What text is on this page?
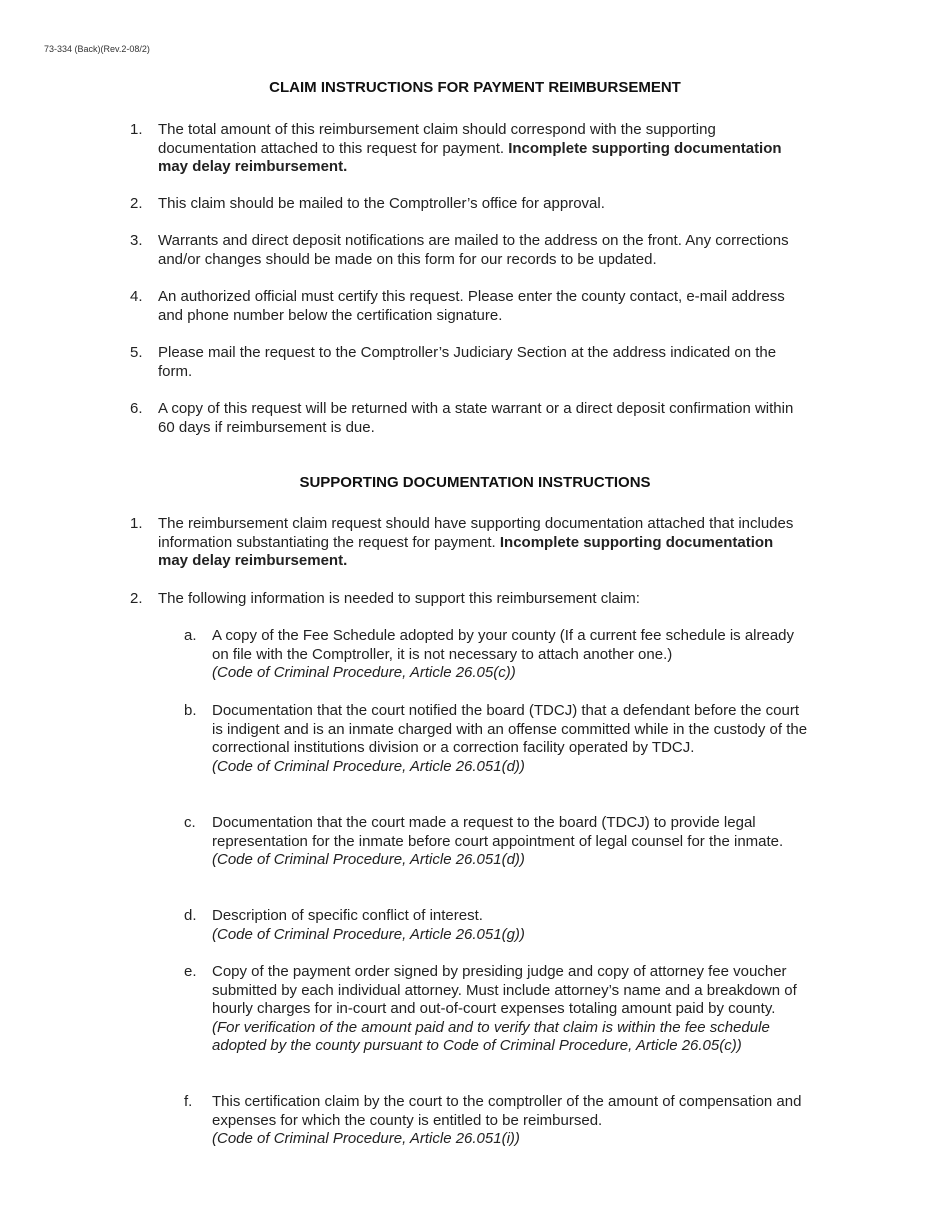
73-334 (Back)(Rev.2-08/2)
CLAIM INSTRUCTIONS FOR PAYMENT REIMBURSEMENT
1. The total amount of this reimbursement claim should correspond with the supporting documentation attached to this request for payment. Incomplete supporting documentation may delay reimbursement.
2. This claim should be mailed to the Comptroller’s office for approval.
3. Warrants and direct deposit notifications are mailed to the address on the front. Any corrections and/or changes should be made on this form for our records to be updated.
4. An authorized official must certify this request. Please enter the county contact, e-mail address and phone number below the certification signature.
5. Please mail the request to the Comptroller’s Judiciary Section at the address indicated on the form.
6. A copy of this request will be returned with a state warrant or a direct deposit confirmation within 60 days if reimbursement is due.
SUPPORTING DOCUMENTATION INSTRUCTIONS
1. The reimbursement claim request should have supporting documentation attached that includes information substantiating the request for payment. Incomplete supporting documentation may delay reimbursement.
2. The following information is needed to support this reimbursement claim:
a. A copy of the Fee Schedule adopted by your county (If a current fee schedule is already on file with the Comptroller, it is not necessary to attach another one.)
(Code of Criminal Procedure, Article 26.05(c))
b. Documentation that the court notified the board (TDCJ) that a defendant before the court is indigent and is an inmate charged with an offense committed while in the custody of the correctional institutions division or a correction facility operated by TDCJ.
(Code of Criminal Procedure, Article 26.051(d))
c. Documentation that the court made a request to the board (TDCJ) to provide legal representation for the inmate before court appointment of legal counsel for the inmate.
(Code of Criminal Procedure, Article 26.051(d))
d. Description of specific conflict of interest.
(Code of Criminal Procedure, Article 26.051(g))
e. Copy of the payment order signed by presiding judge and copy of attorney fee voucher submitted by each individual attorney. Must include attorney’s name and a breakdown of hourly charges for in-court and out-of-court expenses totaling amount paid by county.
(For verification of the amount paid and to verify that claim is within the fee schedule adopted by the county pursuant to Code of Criminal Procedure, Article 26.05(c))
f. This certification claim by the court to the comptroller of the amount of compensation and expenses for which the county is entitled to be reimbursed.
(Code of Criminal Procedure, Article 26.051(i))
